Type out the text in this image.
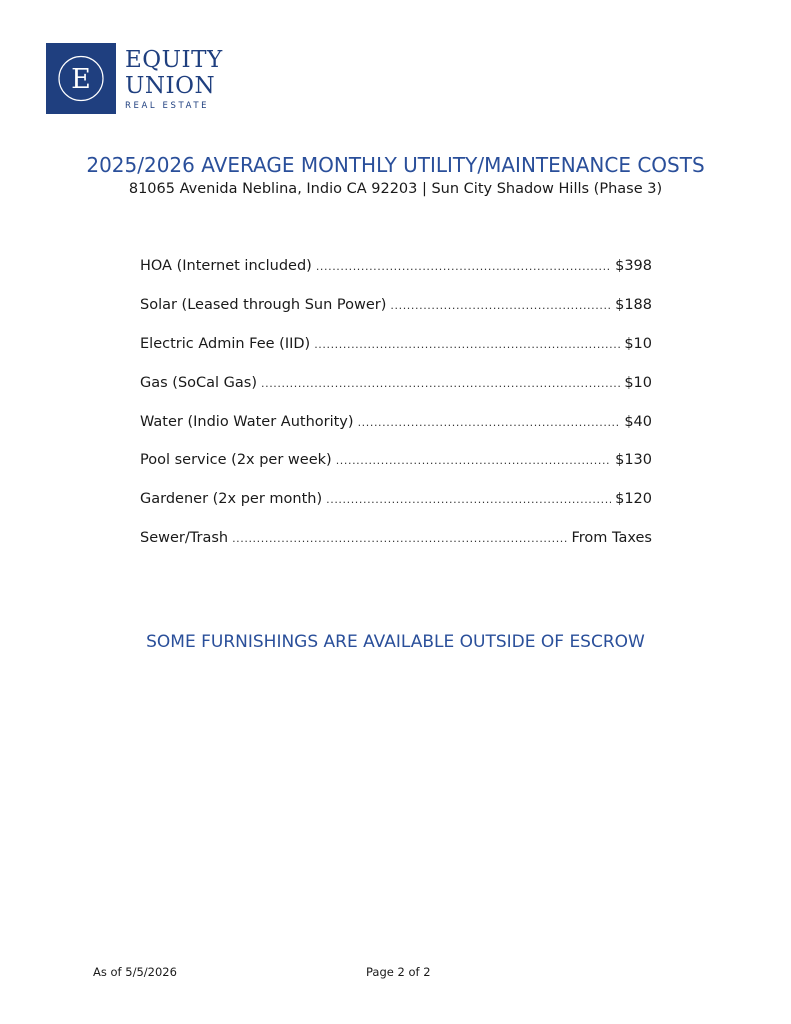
E
EQUITY
UNION
REAL ESTATE
2025/2026 AVERAGE MONTHLY UTILITY/MAINTENANCE COSTS
81065 Avenida Neblina, Indio CA 92203 | Sun City Shadow Hills (Phase 3)
HOA (Internet included) .....	$398
Solar (Leased through Sun Power) .....	$188
Electric Admin Fee (IID) .....	$10
Gas (SoCal Gas) .....	$10
Water (Indio Water Authority) .....	$40
Pool service (2x per week) .....	$130
Gardener (2x per month) .....	$120
Sewer/Trash .....	From Taxes
SOME FURNISHINGS ARE AVAILABLE OUTSIDE OF ESCROW
As of 5/5/2026	Page 2 of 2
